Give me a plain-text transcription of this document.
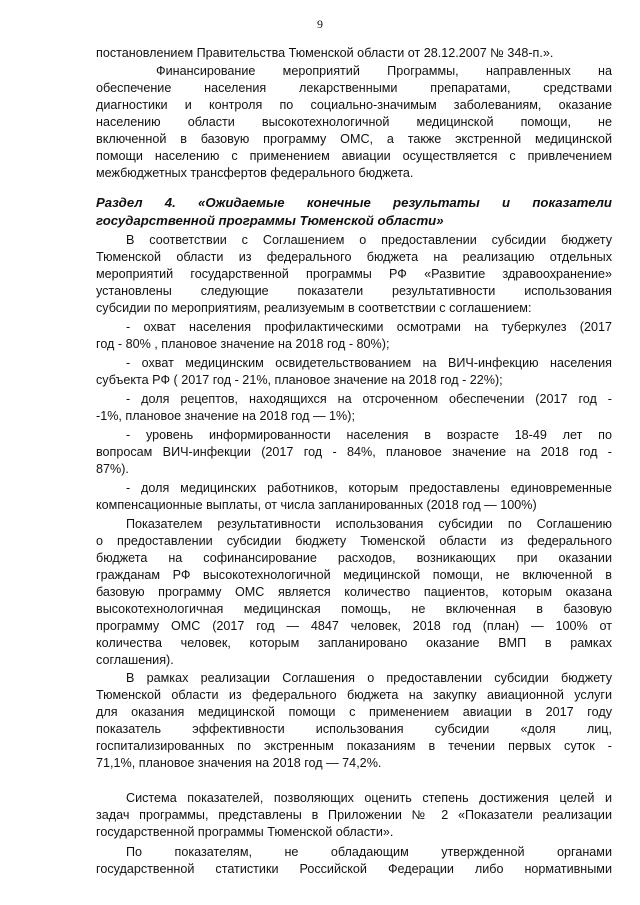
9
постановлением Правительства Тюменской области от 28.12.2007 № 348-п.».
Финансирование мероприятий Программы, направленных на
обеспечение населения лекарственными препаратами, средствами
диагностики и контроля по социально-значимым заболеваниям, оказание
населению области высокотехнологичной медицинской помощи, не
включенной в базовую программу ОМС, а также экстренной медицинской
помощи населению с применением авиации осуществляется с привлечением
межбюджетных трансфертов федерального бюджета.
Раздел 4. «Ожидаемые конечные результаты и показатели
государственной программы Тюменской области»
В соответствии с Соглашением о предоставлении субсидии бюджету
Тюменской области из федерального бюджета на реализацию отдельных
мероприятий государственной программы РФ «Развитие здравоохранение»
установлены следующие показатели результативности использования
субсидии по мероприятиям, реализуемым в соответствии с соглашением:
- охват населения профилактическими осмотрами на туберкулез (2017
год - 80% , плановое значение на 2018 год - 80%);
- охват медицинским освидетельствованием на ВИЧ-инфекцию населения
субъекта РФ ( 2017 год - 21%, плановое значение на 2018 год - 22%);
- доля рецептов, находящихся на отсроченном обеспечении (2017 год -
-1%, плановое значение на 2018 год — 1%);
- уровень информированности населения в возрасте 18-49 лет по
вопросам ВИЧ-инфекции (2017 год - 84%, плановое значение на 2018 год -
87%).
- доля медицинских работников, которым предоставлены единовременные
компенсационные выплаты, от числа запланированных (2018 год — 100%)
Показателем результативности использования субсидии по Соглашению
о предоставлении субсидии бюджету Тюменской области из федерального
бюджета на софинансирование расходов, возникающих при оказании
гражданам РФ высокотехнологичной медицинской помощи, не включенной в
базовую программу ОМС является количество пациентов, которым оказана
высокотехнологичная медицинская помощь, не включенная в базовую
программу ОМС (2017 год — 4847 человек, 2018 год (план) — 100% от
количества человек, которым запланировано оказание ВМП в рамках
соглашения).
В рамках реализации Соглашения о предоставлении субсидии бюджету
Тюменской области из федерального бюджета на закупку авиационной услуги
для оказания медицинской помощи с применением авиации в 2017 году
показатель эффективности использования субсидии «доля лиц,
госпитализированных по экстренным показаниям в течении первых суток -
71,1%, плановое значения на 2018 год — 74,2%.
Система показателей, позволяющих оценить степень достижения целей и
задач программы, представлены в Приложении № 2 «Показатели реализации
государственной программы Тюменской области».
По показателям, не обладающим утвержденной органами
государственной статистики Российской Федерации либо нормативными
